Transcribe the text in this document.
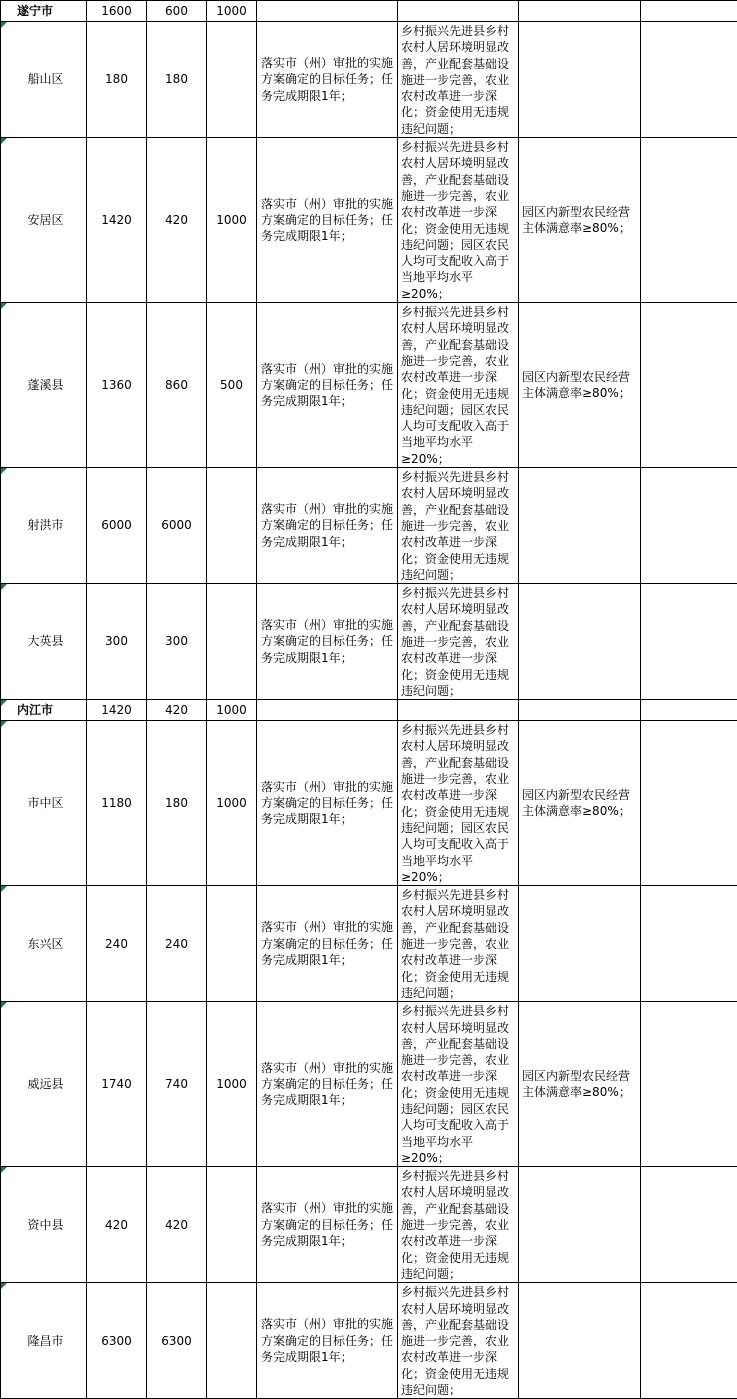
遂宁市	1600	600	1000				

船山区	180	180		落实市（州）审批的实施方案确定的目标任务；任务完成期限1年；	乡村振兴先进县乡村农村人居环境明显改善，产业配套基础设施进一步完善，农业农村改革进一步深化；资金使用无违规违纪问题；		

安居区	1420	420	1000	落实市（州）审批的实施方案确定的目标任务；任务完成期限1年；	乡村振兴先进县乡村农村人居环境明显改善，产业配套基础设施进一步完善，农业农村改革进一步深化；资金使用无违规违纪问题；园区农民人均可支配收入高于当地平均水平≥20%；	园区内新型农民经营主体满意率≥80%；	

蓬溪县	1360	860	500	落实市（州）审批的实施方案确定的目标任务；任务完成期限1年；	乡村振兴先进县乡村农村人居环境明显改善，产业配套基础设施进一步完善，农业农村改革进一步深化；资金使用无违规违纪问题；园区农民人均可支配收入高于当地平均水平≥20%；	园区内新型农民经营主体满意率≥80%；	

射洪市	6000	6000		落实市（州）审批的实施方案确定的目标任务；任务完成期限1年；	乡村振兴先进县乡村农村人居环境明显改善，产业配套基础设施进一步完善，农业农村改革进一步深化；资金使用无违规违纪问题；		

大英县	300	300		落实市（州）审批的实施方案确定的目标任务；任务完成期限1年；	乡村振兴先进县乡村农村人居环境明显改善，产业配套基础设施进一步完善，农业农村改革进一步深化；资金使用无违规违纪问题；		

内江市	1420	420	1000				

市中区	1180	180	1000	落实市（州）审批的实施方案确定的目标任务；任务完成期限1年；	乡村振兴先进县乡村农村人居环境明显改善，产业配套基础设施进一步完善，农业农村改革进一步深化；资金使用无违规违纪问题；园区农民人均可支配收入高于当地平均水平≥20%；	园区内新型农民经营主体满意率≥80%；	

东兴区	240	240		落实市（州）审批的实施方案确定的目标任务；任务完成期限1年；	乡村振兴先进县乡村农村人居环境明显改善，产业配套基础设施进一步完善，农业农村改革进一步深化；资金使用无违规违纪问题；		

威远县	1740	740	1000	落实市（州）审批的实施方案确定的目标任务；任务完成期限1年；	乡村振兴先进县乡村农村人居环境明显改善，产业配套基础设施进一步完善，农业农村改革进一步深化；资金使用无违规违纪问题；园区农民人均可支配收入高于当地平均水平≥20%；	园区内新型农民经营主体满意率≥80%；	

资中县	420	420		落实市（州）审批的实施方案确定的目标任务；任务完成期限1年；	乡村振兴先进县乡村农村人居环境明显改善，产业配套基础设施进一步完善，农业农村改革进一步深化；资金使用无违规违纪问题；		

隆昌市	6300	6300		落实市（州）审批的实施方案确定的目标任务；任务完成期限1年；	乡村振兴先进县乡村农村人居环境明显改善，产业配套基础设施进一步完善，农业农村改革进一步深化；资金使用无违规违纪问题；		
